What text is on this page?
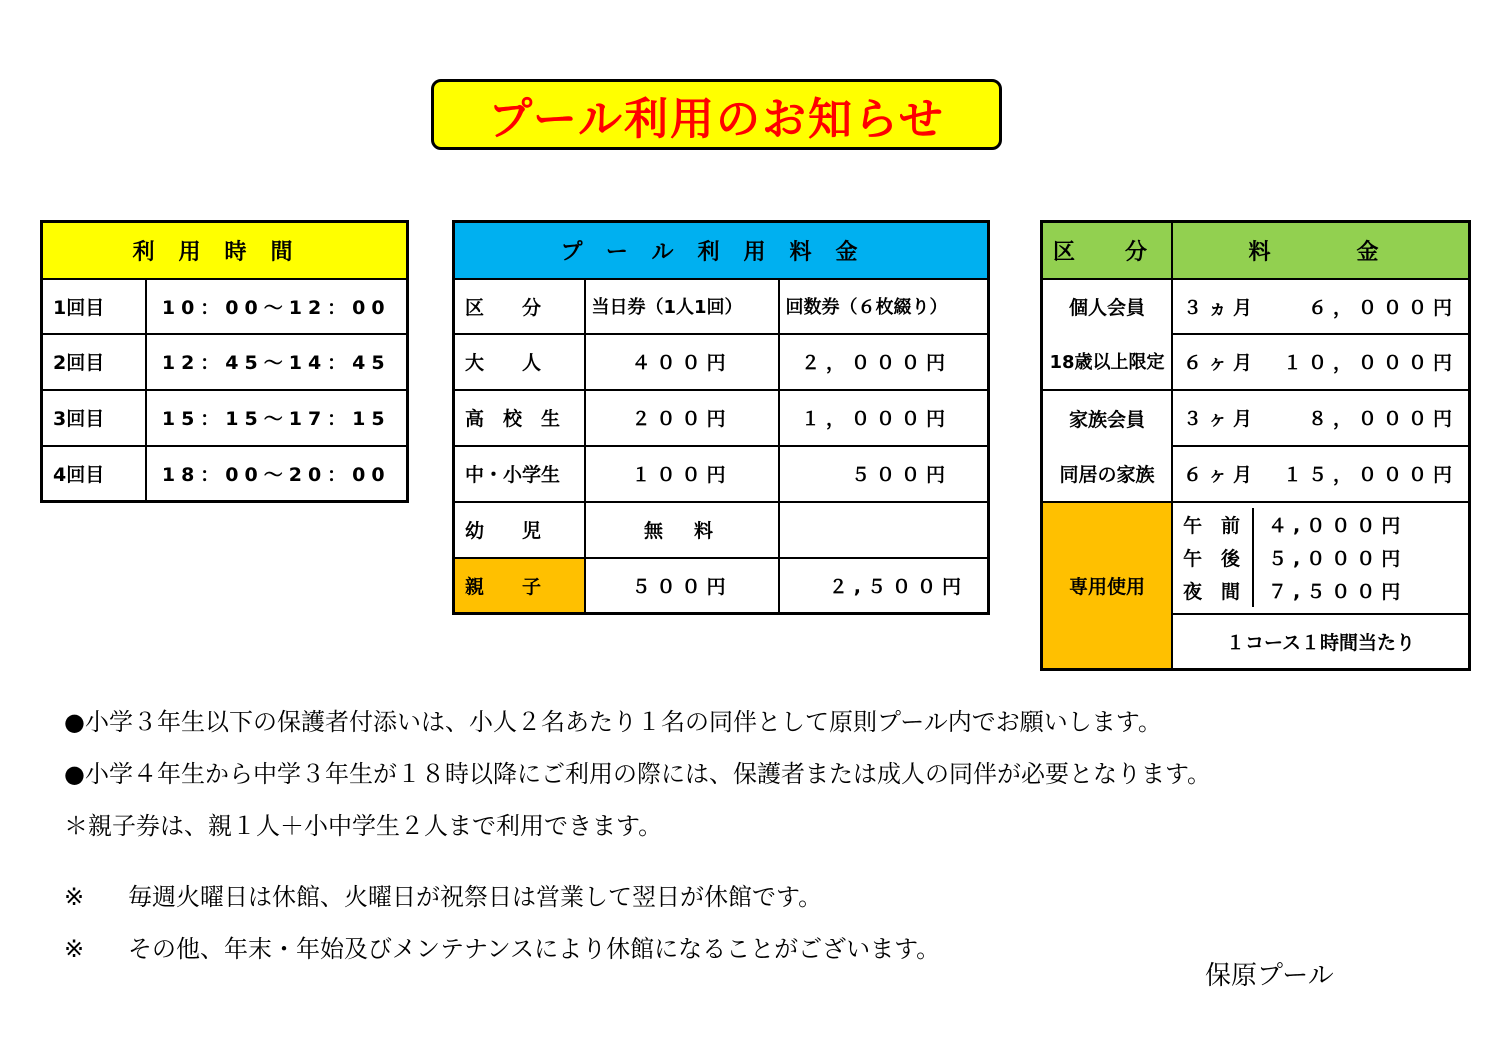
プール利用のお知らせ
利用時間	
1回目	10：00～12：00
2回目	12：45～14：45
3回目	15：15～17：15
4回目	18：00～20：00
プール利用料金		
区　　分	当日券（1人1回）	回数券（６枚綴り）
大　　人	４００円	２，０００円
高　校　生	２００円	１，０００円
中・小学生	１００円	５００円
幼　　児	無　料	
親　　子	５００円	２,５００円
区　分	料　　金
個人会員	３ヵ月　　６，０００円
18歳以上限定	６ヶ月　１０，０００円
家族会員	３ヶ月　　８，０００円
同居の家族	６ヶ月　１５，０００円
専用使用	
午　前	４,０００円
午　後	５,０００円
夜　間	７,５００円

１コース１時間当たり
●小学３年生以下の保護者付添いは、小人２名あたり１名の同伴として原則プール内でお願いします。
●小学４年生から中学３年生が１８時以降にご利用の際には、保護者または成人の同伴が必要となります。
＊親子券は、親１人＋小中学生２人まで利用できます。
※ 毎週火曜日は休館、火曜日が祝祭日は営業して翌日が休館です。
※ その他、年末・年始及びメンテナンスにより休館になることがございます。
保原プール
